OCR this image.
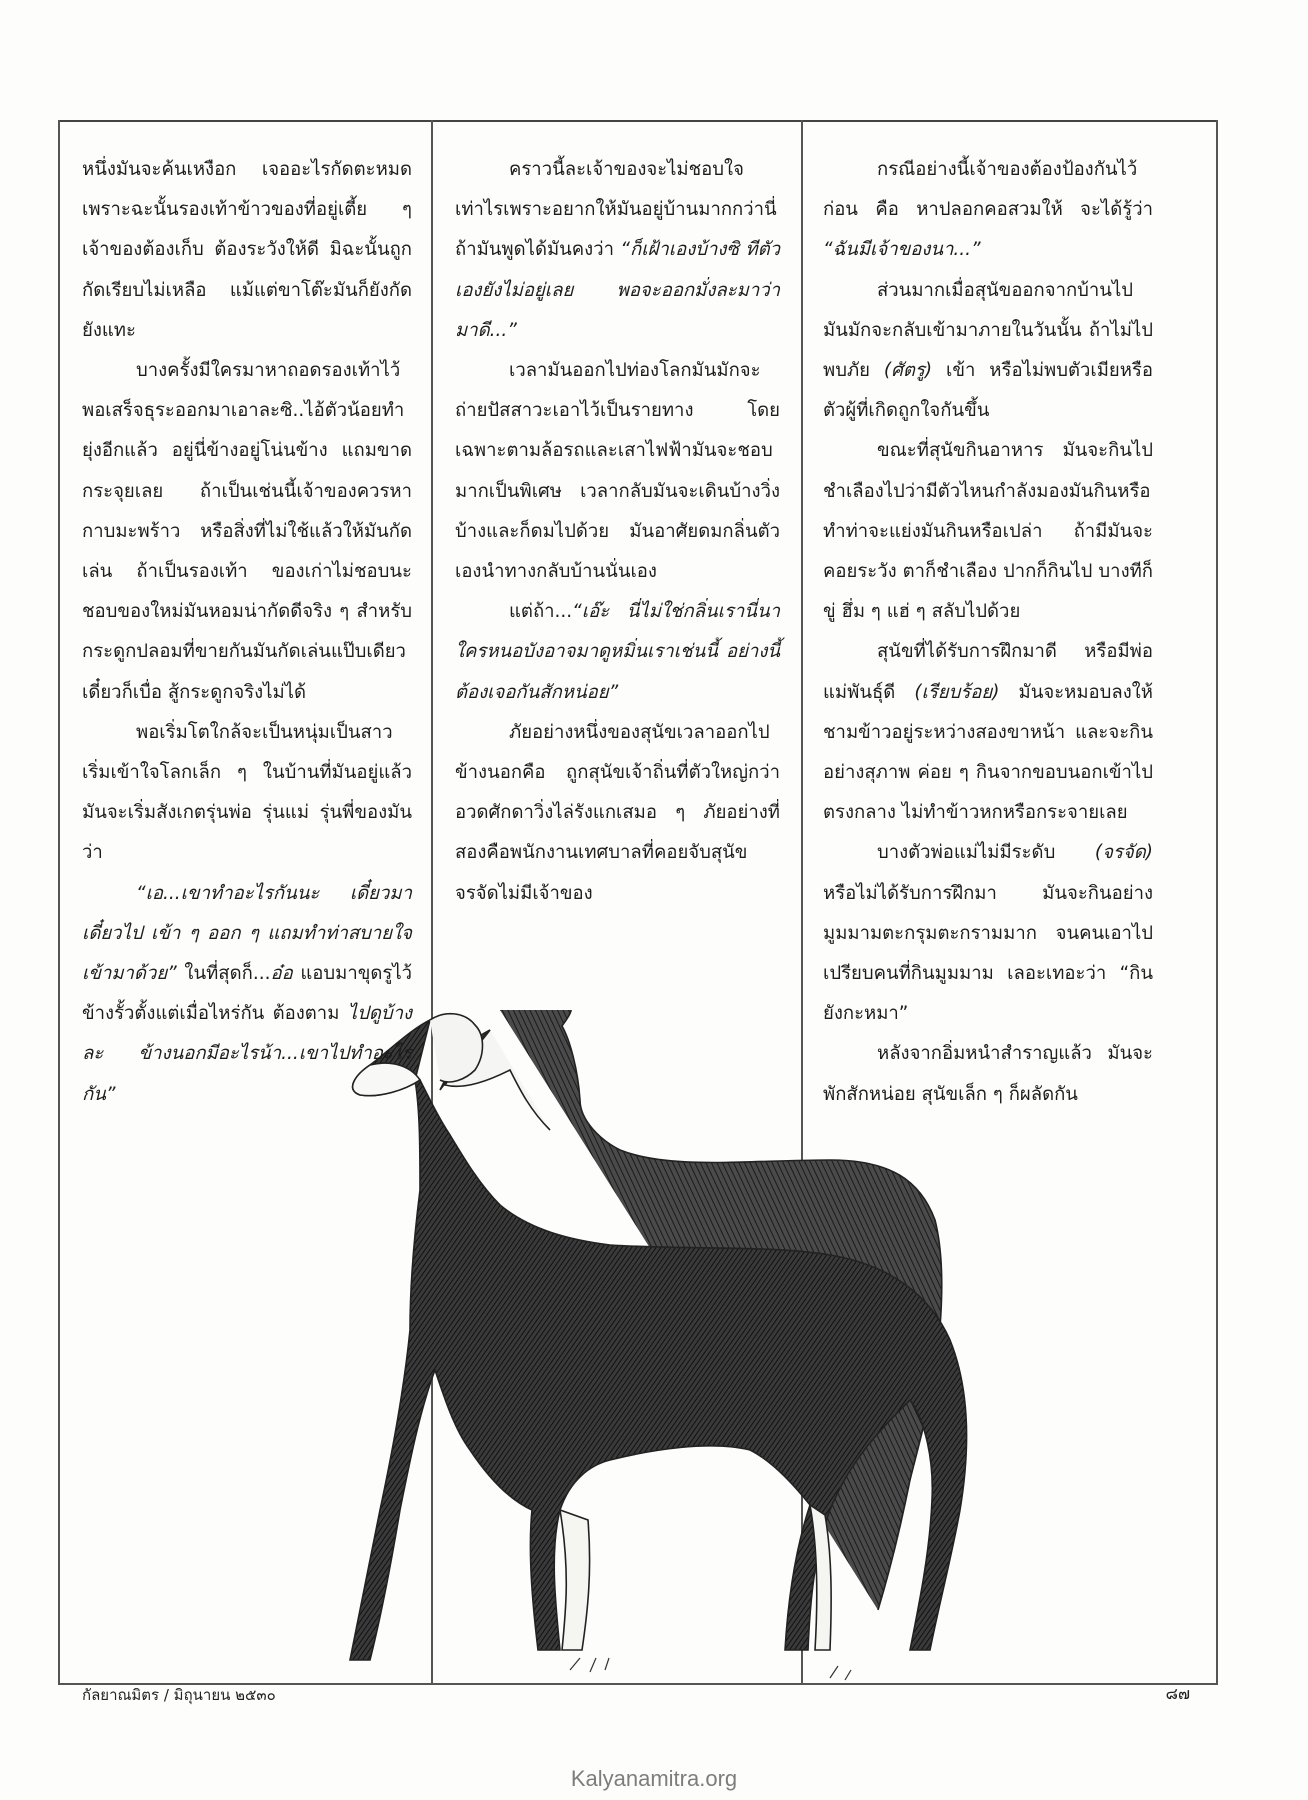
หนึ่งมันจะค้นเหงือก เจออะไรกัดตะหมด เพราะฉะนั้นรองเท้าข้าวของที่อยู่เตี้ย ๆ เจ้าของต้องเก็บ ต้องระวังให้ดี มิฉะนั้นถูกกัดเรียบไม่เหลือ แม้แต่ขาโต๊ะมันก็ยังกัดยังแทะ

บางครั้งมีใครมาหาถอดรองเท้าไว้ พอเสร็จธุระออกมาเอาละซิ..ไอ้ตัวน้อยทำยุ่งอีกแล้ว อยู่นี่ข้างอยู่โน่นข้าง แถมขาดกระจุยเลย ถ้าเป็นเช่นนี้เจ้าของควรหากาบมะพร้าว หรือสิ่งที่ไม่ใช้แล้วให้มันกัดเล่น ถ้าเป็นรองเท้า ของเก่าไม่ชอบนะ ชอบของใหม่มันหอมน่ากัดดีจริง ๆ สำหรับกระดูกปลอมที่ขายกันมันกัดเล่นแป๊บเดียว เดี๋ยวก็เบื่อ สู้กระดูกจริงไม่ได้

พอเริ่มโตใกล้จะเป็นหนุ่มเป็นสาว เริ่มเข้าใจโลกเล็ก ๆ ในบ้านที่มันอยู่แล้ว มันจะเริ่มสังเกตรุ่นพ่อ รุ่นแม่ รุ่นพี่ของมันว่า

“เอ...เขาทำอะไรกันนะ เดี๋ยวมา เดี๋ยวไป เข้า ๆ ออก ๆ แถมทำท่าสบายใจเข้ามาด้วย” ในที่สุดก็...อ๋อ แอบมาขุดรูไว้ข้างรั้วตั้งแต่เมื่อไหร่กัน ต้องตาม ไปดูบ้างละ ข้างนอกมีอะไรน้า...เขาไปทำอะไรกัน”

คราวนี้ละเจ้าของจะไม่ชอบใจเท่าไรเพราะอยากให้มันอยู่บ้านมากกว่านี่ถ้ามันพูดได้มันคงว่า “ก็เฝ้าเองบ้างซิ ทีตัวเองยังไม่อยู่เลย พอจะออกมั่งละมาว่า มาดี...”

เวลามันออกไปท่องโลกมันมักจะถ่ายปัสสาวะเอาไว้เป็นรายทาง โดยเฉพาะตามล้อรถและเสาไฟฟ้ามันจะชอบมากเป็นพิเศษ เวลากลับมันจะเดินบ้างวิ่งบ้างและก็ดมไปด้วย มันอาศัยดมกลิ่นตัวเองนำทางกลับบ้านนั่นเอง

แต่ถ้า...“เอ๊ะ นี่ไม่ใช่กลิ่นเรานี่นา ใครหนอบังอาจมาดูหมิ่นเราเช่นนี้ อย่างนี้ต้องเจอกันสักหน่อย”

ภัยอย่างหนึ่งของสุนัขเวลาออกไปข้างนอกคือ ถูกสุนัขเจ้าถิ่นที่ตัวใหญ่กว่าอวดศักดาวิ่งไล่รังแกเสมอ ๆ ภัยอย่างที่สองคือพนักงานเทศบาลที่คอยจับสุนัขจรจัดไม่มีเจ้าของ

กรณีอย่างนี้เจ้าของต้องป้องกันไว้ก่อน คือ หาปลอกคอสวมให้ จะได้รู้ว่า “ฉันมีเจ้าของนา...”

ส่วนมากเมื่อสุนัขออกจากบ้านไปมันมักจะกลับเข้ามาภายในวันนั้น ถ้าไม่ไปพบภัย (ศัตรู) เข้า หรือไม่พบตัวเมียหรือตัวผู้ที่เกิดถูกใจกันขึ้น

ขณะที่สุนัขกินอาหาร มันจะกินไปชำเลืองไปว่ามีตัวไหนกำลังมองมันกินหรือทำท่าจะแย่งมันกินหรือเปล่า ถ้ามีมันจะคอยระวัง ตาก็ชำเลือง ปากก็กินไป บางทีก็ขู่ ฮึ่ม ๆ แฮ่ ๆ สลับไปด้วย

สุนัขที่ได้รับการฝึกมาดี หรือมีพ่อแม่พันธุ์ดี (เรียบร้อย) มันจะหมอบลงให้ชามข้าวอยู่ระหว่างสองขาหน้า และจะกินอย่างสุภาพ ค่อย ๆ กินจากขอบนอกเข้าไปตรงกลาง ไม่ทำข้าวหกหรือกระจายเลย

บางตัวพ่อแม่ไม่มีระดับ (จรจัด) หรือไม่ได้รับการฝึกมา มันจะกินอย่างมูมมามตะกรุมตะกรามมาก จนคนเอาไปเปรียบคนที่กินมูมมาม เลอะเทอะว่า “กินยังกะหมา”

หลังจากอิ่มหนำสำราญแล้ว มันจะพักสักหน่อย สุนัขเล็ก ๆ ก็ผลัดกัน

กัลยาณมิตร / มิถุนายน ๒๕๓๐	๘๗
Kalyanamitra.org
